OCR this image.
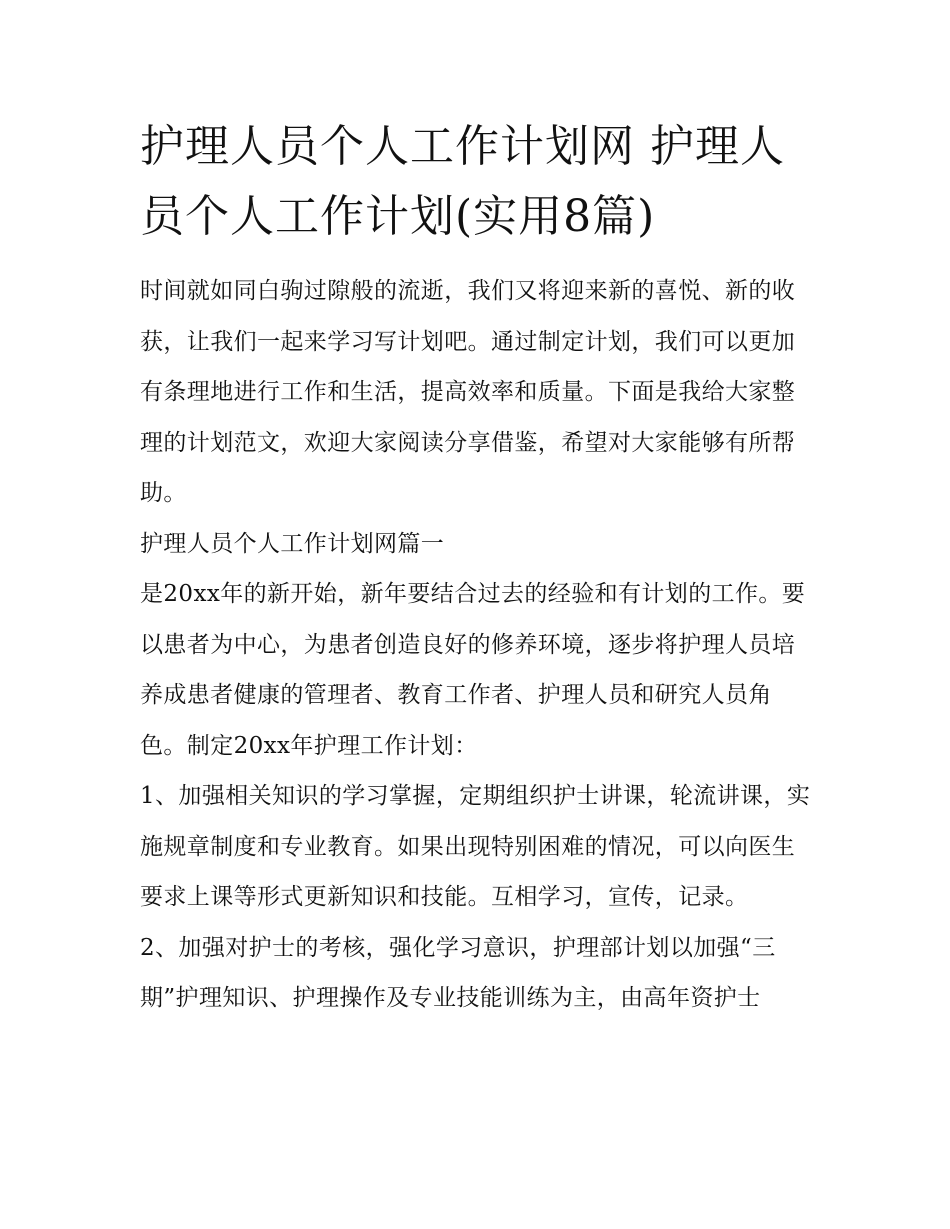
护理人员个人工作计划网 护理人员个人工作计划(实用8篇)

时间就如同白驹过隙般的流逝，我们又将迎来新的喜悦、新的收获，让我们一起来学习写计划吧。通过制定计划，我们可以更加有条理地进行工作和生活，提高效率和质量。下面是我给大家整理的计划范文，欢迎大家阅读分享借鉴，希望对大家能够有所帮助。

护理人员个人工作计划网篇一

是20xx年的新开始，新年要结合过去的经验和有计划的工作。要以患者为中心，为患者创造良好的修养环境，逐步将护理人员培养成患者健康的管理者、教育工作者、护理人员和研究人员角色。制定20xx年护理工作计划：

1、加强相关知识的学习掌握，定期组织护士讲课，轮流讲课，实施规章制度和专业教育。如果出现特别困难的情况，可以向医生要求上课等形式更新知识和技能。互相学习，宣传，记录。

2、加强对护士的考核，强化学习意识，护理部计划以加强“三期”护理知识、护理操作及专业技能训练为主，由高年资护士
